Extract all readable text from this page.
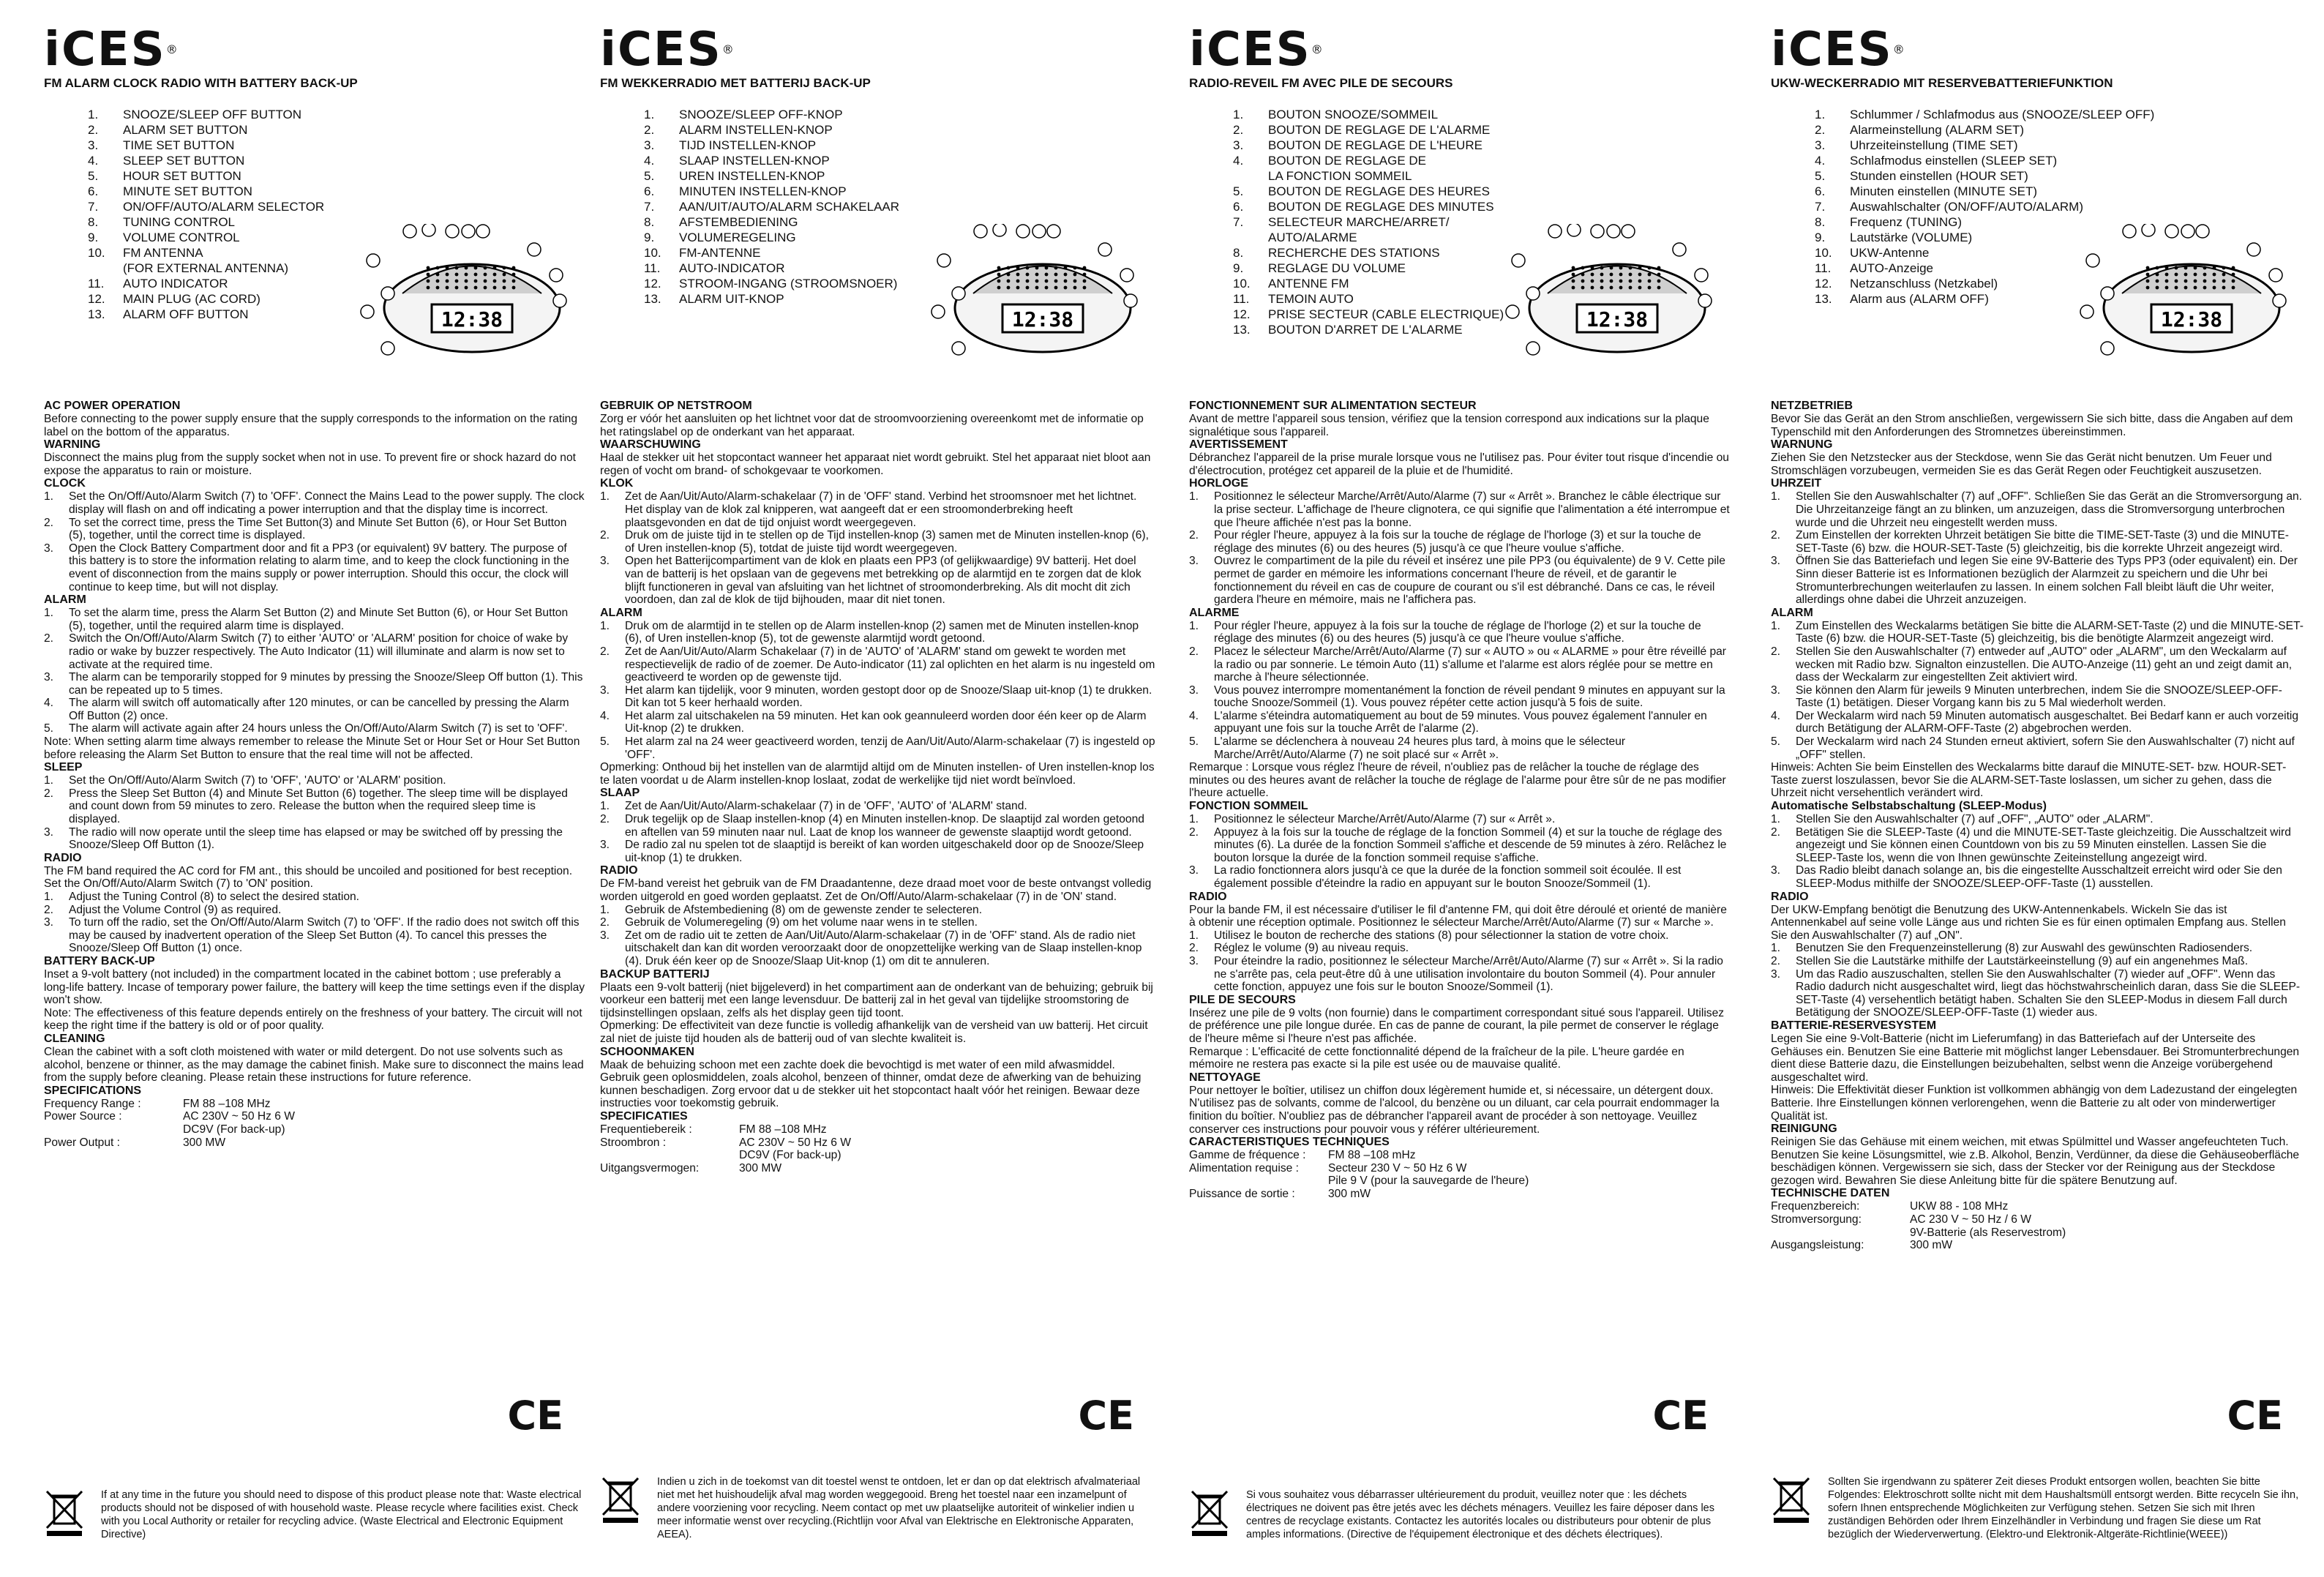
iCES®
FM ALARM CLOCK RADIO WITH BATTERY BACK-UP
1.	SNOOZE/SLEEP OFF BUTTON
2.	ALARM SET BUTTON
3.	TIME SET BUTTON
4.	SLEEP SET BUTTON
5.	HOUR SET BUTTON
6.	MINUTE SET BUTTON
7.	ON/OFF/AUTO/ALARM SELECTOR
8.	TUNING CONTROL
9.	VOLUME CONTROL
10.	FM ANTENNA
(FOR EXTERNAL ANTENNA)
11.	AUTO INDICATOR
12.	MAIN PLUG (AC CORD)
13.	ALARM OFF BUTTON	12:38
AC POWER OPERATION

Before connecting to the power supply ensure that the supply corresponds to the information on the rating label on the bottom of the apparatus.

WARNING

Disconnect the mains plug from the supply socket when not in use. To prevent fire or shock hazard do not expose the apparatus to rain or moisture.

CLOCK
1.	Set the On/Off/Auto/Alarm Switch (7) to 'OFF'. Connect the Mains Lead to the power supply. The clock display will flash on and off indicating a power interruption and that the display time is incorrect.
2.	To set the correct time, press the Time Set Button(3) and Minute Set Button (6), or Hour Set Button (5), together, until the correct time is displayed.
3.	Open the Clock Battery Compartment door and fit a PP3 (or equivalent) 9V battery. The purpose of this battery is to store the information relating to alarm time, and to keep the clock functioning in the event of disconnection from the mains supply or power interruption. Should this occur, the clock will continue to keep time, but will not display.
ALARM
1.	To set the alarm time, press the Alarm Set Button (2) and Minute Set Button (6), or Hour Set Button (5), together, until the required alarm time is displayed.
2.	Switch the On/Off/Auto/Alarm Switch (7) to either 'AUTO' or 'ALARM' position for choice of wake by radio or wake by buzzer respectively. The Auto Indicator (11) will illuminate and alarm is now set to activate at the required time.
3.	The alarm can be temporarily stopped for 9 minutes by pressing the Snooze/Sleep Off button (1). This can be repeated up to 5 times.
4.	The alarm will switch off automatically after 120 minutes, or can be cancelled by pressing the Alarm Off Button (2) once.
5.	The alarm will activate again after 24 hours unless the On/Off/Auto/Alarm Switch (7) is set to 'OFF'.

Note: When setting alarm time always remember to release the Minute Set or Hour Set or Hour Set Button before releasing the Alarm Set Button to ensure that the real time will not be affected.

SLEEP
1.	Set the On/Off/Auto/Alarm Switch (7) to 'OFF', 'AUTO' or 'ALARM' position.
2.	Press the Sleep Set Button (4) and Minute Set Button (6) together. The sleep time will be displayed and count down from 59 minutes to zero. Release the button when the required sleep time is displayed.
3.	The radio will now operate until the sleep time has elapsed or may be switched off by pressing the Snooze/Sleep Off Button (1).
RADIO

The FM band required the AC cord for FM ant., this should be uncoiled and positioned for best reception. Set the On/Off/Auto/Alarm Switch (7) to 'ON' position.

1.	Adjust the Tuning Control (8) to select the desired station.
2.	Adjust the Volume Control (9) as required.
3.	To turn off the radio, set the On/Off/Auto/Alarm Switch (7) to 'OFF'. If the radio does not switch off this may be caused by inadvertent operation of the Sleep Set Button (4). To cancel this presses the Snooze/Sleep Off Button (1) once.
BATTERY BACK-UP

Inset a 9-volt battery (not included) in the compartment located in the cabinet bottom ; use preferably a long-life battery. Incase of temporary power failure, the battery will keep the time settings even if the display won't show.

Note: The effectiveness of this feature depends entirely on the freshness of your battery. The circuit will not keep the right time if the battery is old or of poor quality.

CLEANING

Clean the cabinet with a soft cloth moistened with water or mild detergent. Do not use solvents such as alcohol, benzene or thinner, as the may damage the cabinet finish. Make sure to disconnect the mains lead from the supply before cleaning. Please retain these instructions for future reference.

SPECIFICATIONS
Frequency Range :	FM 88 –108 MHz
Power Source :	AC 230V ~ 50 Hz 6 W
DC9V (For back-up)
Power Output :	300 MW
CE
If at any time in the future you should need to dispose of this product please note that: Waste electrical products should not be disposed of with household waste. Please recycle where facilities exist. Check with you Local Authority or retailer for recycling advice. (Waste Electrical and Electronic Equipment Directive)
iCES®
FM WEKKERRADIO MET BATTERIJ BACK-UP
1.	SNOOZE/SLEEP OFF-KNOP
2.	ALARM INSTELLEN-KNOP
3.	TIJD INSTELLEN-KNOP
4.	SLAAP INSTELLEN-KNOP
5.	UREN INSTELLEN-KNOP
6.	MINUTEN INSTELLEN-KNOP
7.	AAN/UIT/AUTO/ALARM SCHAKELAAR
8.	AFSTEMBEDIENING
9.	VOLUMEREGELING
10.	FM-ANTENNE
11.	AUTO-INDICATOR
12.	STROOM-INGANG (STROOMSNOER)
13.	ALARM UIT-KNOP
12:38
GEBRUIK OP NETSTROOM

Zorg er vóór het aansluiten op het lichtnet voor dat de stroomvoorziening overeenkomt met de informatie op het ratingslabel op de onderkant van het apparaat.

WAARSCHUWING

Haal de stekker uit het stopcontact wanneer het apparaat niet wordt gebruikt. Stel het apparaat niet bloot aan regen of vocht om brand- of schokgevaar te voorkomen.

KLOK
1.	Zet de Aan/Uit/Auto/Alarm-schakelaar (7) in de 'OFF' stand. Verbind het stroomsnoer met het lichtnet. Het display van de klok zal knipperen, wat aangeeft dat er een stroomonderbreking heeft plaatsgevonden en dat de tijd onjuist wordt weergegeven.
2.	Druk om de juiste tijd in te stellen op de Tijd instellen-knop (3) samen met de Minuten instellen-knop (6), of Uren instellen-knop (5), totdat de juiste tijd wordt weergegeven.
3.	Open het Batterijcompartiment van de klok en plaats een PP3 (of gelijkwaardige) 9V batterij. Het doel van de batterij is het opslaan van de gegevens met betrekking op de alarmtijd en te zorgen dat de klok blijft functioneren in geval van afsluiting van het lichtnet of stroomonderbreking. Als dit mocht dit zich voordoen, dan zal de klok de tijd bijhouden, maar dit niet tonen.
ALARM
1.	Druk om de alarmtijd in te stellen op de Alarm instellen-knop (2) samen met de Minuten instellen-knop (6), of Uren instellen-knop (5), tot de gewenste alarmtijd wordt getoond.
2.	Zet de Aan/Uit/Auto/Alarm Schakelaar (7) in de 'AUTO' of 'ALARM' stand om gewekt te worden met respectievelijk de radio of de zoemer. De Auto-indicator (11) zal oplichten en het alarm is nu ingesteld om geactiveerd te worden op de gewenste tijd.
3.	Het alarm kan tijdelijk, voor 9 minuten, worden gestopt door op de Snooze/Slaap uit-knop (1) te drukken. Dit kan tot 5 keer herhaald worden.
4.	Het alarm zal uitschakelen na 59 minuten. Het kan ook geannuleerd worden door één keer op de Alarm Uit-knop (2) te drukken.
5.	Het alarm zal na 24 weer geactiveerd worden, tenzij de Aan/Uit/Auto/Alarm-schakelaar (7) is ingesteld op 'OFF'.

Opmerking: Onthoud bij het instellen van de alarmtijd altijd om de Minuten instellen- of Uren instellen-knop los te laten voordat u de Alarm instellen-knop loslaat, zodat de werkelijke tijd niet wordt beïnvloed.

SLAAP
1.	Zet de Aan/Uit/Auto/Alarm-schakelaar (7) in de 'OFF', 'AUTO' of 'ALARM' stand.
2.	Druk tegelijk op de Slaap instellen-knop (4) en Minuten instellen-knop. De slaaptijd zal worden getoond en aftellen van 59 minuten naar nul. Laat de knop los wanneer de gewenste slaaptijd wordt getoond.
3.	De radio zal nu spelen tot de slaaptijd is bereikt of kan worden uitgeschakeld door op de Snooze/Sleep uit-knop (1) te drukken.
RADIO

De FM-band vereist het gebruik van de FM Draadantenne, deze draad moet voor de beste ontvangst volledig worden uitgerold en goed worden geplaatst. Zet de On/Off/Auto/Alarm-schakelaar (7) in de 'ON' stand.

1.	Gebruik de Afstembediening (8) om de gewenste zender te selecteren.
2.	Gebruik de Volumeregeling (9) om het volume naar wens in te stellen.
3.	Zet om de radio uit te zetten de Aan/Uit/Auto/Alarm-schakelaar (7) in de 'OFF' stand. Als de radio niet uitschakelt dan kan dit worden veroorzaakt door de onopzettelijke werking van de Slaap instellen-knop (4). Druk één keer op de Snooze/Slaap Uit-knop (1) om dit te annuleren.
BACKUP BATTERIJ

Plaats een 9-volt batterij (niet bijgeleverd) in het compartiment aan de onderkant van de behuizing; gebruik bij voorkeur een batterij met een lange levensduur. De batterij zal in het geval van tijdelijke stroomstoring de tijdsinstellingen opslaan, zelfs als het display geen tijd toont.

Opmerking: De effectiviteit van deze functie is volledig afhankelijk van de versheid van uw batterij. Het circuit zal niet de juiste tijd houden als de batterij oud of van slechte kwaliteit is.

SCHOONMAKEN

Maak de behuizing schoon met een zachte doek die bevochtigd is met water of een mild afwasmiddel. Gebruik geen oplosmiddelen, zoals alcohol, benzeen of thinner, omdat deze de afwerking van de behuizing kunnen beschadigen. Zorg ervoor dat u de stekker uit het stopcontact haalt vóór het reinigen. Bewaar deze instructies voor toekomstig gebruik.

SPECIFICATIES
Frequentiebereik :	FM 88 –108 MHz
Stroombron :	AC 230V ~ 50 Hz 6 W
DC9V (For back-up)
Uitgangsvermogen:	300 MW
CE
Indien u zich in de toekomst van dit toestel wenst te ontdoen, let er dan op dat elektrisch afvalmateriaal niet met het huishoudelijk afval mag worden weggegooid. Breng het toestel naar een inzamelpunt of andere voorziening voor recycling. Neem contact op met uw plaatselijke autoriteit of winkelier indien u meer informatie wenst over recycling.(Richtlijn voor Afval van Elektrische en Elektronische Apparaten, AEEA).
iCES®
RADIO-REVEIL FM AVEC PILE DE SECOURS
1.	BOUTON SNOOZE/SOMMEIL
2.	BOUTON DE REGLAGE DE L'ALARME
3.	BOUTON DE REGLAGE DE L'HEURE
4.	BOUTON DE REGLAGE DE
LA FONCTION SOMMEIL
5.	BOUTON DE REGLAGE DES HEURES
6.	BOUTON DE REGLAGE DES MINUTES
7.	SELECTEUR MARCHE/ARRET/
AUTO/ALARME
8.	RECHERCHE DES STATIONS
9.	REGLAGE DU VOLUME
10.	ANTENNE FM
11.	TEMOIN AUTO
12.	PRISE SECTEUR (CABLE ELECTRIQUE)
13.	BOUTON D'ARRET DE L'ALARME	12:38
FONCTIONNEMENT SUR ALIMENTATION SECTEUR

Avant de mettre l'appareil sous tension, vérifiez que la tension correspond aux indications sur la plaque signalétique sous l'appareil.

AVERTISSEMENT

Débranchez l'appareil de la prise murale lorsque vous ne l'utilisez pas. Pour éviter tout risque d'incendie ou d'électrocution, protégez cet appareil de la pluie et de l'humidité.

HORLOGE
1.	Positionnez le sélecteur Marche/Arrêt/Auto/Alarme (7) sur « Arrêt ». Branchez le câble électrique sur la prise secteur. L'affichage de l'heure clignotera, ce qui signifie que l'alimentation a été interrompue et que l'heure affichée n'est pas la bonne.
2.	Pour régler l'heure, appuyez à la fois sur la touche de réglage de l'horloge (3) et sur la touche de réglage des minutes (6) ou des heures (5) jusqu'à ce que l'heure voulue s'affiche.
3.	Ouvrez le compartiment de la pile du réveil et insérez une pile PP3 (ou équivalente) de 9 V. Cette pile permet de garder en mémoire les informations concernant l'heure de réveil, et de garantir le fonctionnement du réveil en cas de coupure de courant ou s'il est débranché. Dans ce cas, le réveil gardera l'heure en mémoire, mais ne l'affichera pas.
ALARME
1.	Pour régler l'heure, appuyez à la fois sur la touche de réglage de l'horloge (2) et sur la touche de réglage des minutes (6) ou des heures (5) jusqu'à ce que l'heure voulue s'affiche.
2.	Placez le sélecteur Marche/Arrêt/Auto/Alarme (7) sur « AUTO » ou « ALARME » pour être réveillé par la radio ou par sonnerie. Le témoin Auto (11) s'allume et l'alarme est alors réglée pour se mettre en marche à l'heure sélectionnée.
3.	Vous pouvez interrompre momentanément la fonction de réveil pendant 9 minutes en appuyant sur la touche Snooze/Sommeil (1). Vous pouvez répéter cette action jusqu'à 5 fois de suite.
4.	L'alarme s'éteindra automatiquement au bout de 59 minutes. Vous pouvez également l'annuler en appuyant une fois sur la touche Arrêt de l'alarme (2).
5.	L'alarme se déclenchera à nouveau 24 heures plus tard, à moins que le sélecteur Marche/Arrêt/Auto/Alarme (7) ne soit placé sur « Arrêt ».

Remarque : Lorsque vous réglez l'heure de réveil, n'oubliez pas de relâcher la touche de réglage des minutes ou des heures avant de relâcher la touche de réglage de l'alarme pour être sûr de ne pas modifier l'heure actuelle.

FONCTION SOMMEIL
1.	Positionnez le sélecteur Marche/Arrêt/Auto/Alarme (7) sur « Arrêt ».
2.	Appuyez à la fois sur la touche de réglage de la fonction Sommeil (4) et sur la touche de réglage des minutes (6). La durée de la fonction Sommeil s'affiche et descende de 59 minutes à zéro. Relâchez le bouton lorsque la durée de la fonction sommeil requise s'affiche.
3.	La radio fonctionnera alors jusqu'à ce que la durée de la fonction sommeil soit écoulée. Il est également possible d'éteindre la radio en appuyant sur le bouton Snooze/Sommeil (1).
RADIO

Pour la bande FM, il est nécessaire d'utiliser le fil d'antenne FM, qui doit être déroulé et orienté de manière à obtenir une réception optimale. Positionnez le sélecteur Marche/Arrêt/Auto/Alarme (7) sur « Marche ».

1.	Utilisez le bouton de recherche des stations (8) pour sélectionner la station de votre choix.
2.	Réglez le volume (9) au niveau requis.
3.	Pour éteindre la radio, positionnez le sélecteur Marche/Arrêt/Auto/Alarme (7) sur « Arrêt ». Si la radio ne s'arrête pas, cela peut-être dû à une utilisation involontaire du bouton Sommeil (4). Pour annuler cette fonction, appuyez une fois sur le bouton Snooze/Sommeil (1).
PILE DE SECOURS

Insérez une pile de 9 volts (non fournie) dans le compartiment correspondant situé sous l'appareil. Utilisez de préférence une pile longue durée. En cas de panne de courant, la pile permet de conserver le réglage de l'heure même si l'heure n'est pas affichée.

Remarque : L'efficacité de cette fonctionnalité dépend de la fraîcheur de la pile. L'heure gardée en mémoire ne restera pas exacte si la pile est usée ou de mauvaise qualité.

NETTOYAGE

Pour nettoyer le boîtier, utilisez un chiffon doux légèrement humide et, si nécessaire, un détergent doux. N'utilisez pas de solvants, comme de l'alcool, du benzène ou un diluant, car cela pourrait endommager la finition du boîtier. N'oubliez pas de débrancher l'appareil avant de procéder à son nettoyage. Veuillez conserver ces instructions pour pouvoir vous y référer ultérieurement.

CARACTERISTIQUES TECHNIQUES
Gamme de fréquence :	FM 88 –108 mHz
Alimentation requise :	Secteur 230 V ~ 50 Hz 6 W
Pile 9 V (pour la sauvegarde de l'heure)
Puissance de sortie :	300 mW
CE
Si vous souhaitez vous débarrasser ultérieurement du produit, veuillez noter que : les déchets électriques ne doivent pas être jetés avec les déchets ménagers. Veuillez les faire déposer dans les centres de recyclage existants. Contactez les autorités locales ou distributeurs pour obtenir de plus amples informations. (Directive de l'équipement électronique et des déchets électriques).
iCES®
UKW-WECKERRADIO MIT RESERVEBATTERIEFUNKTION
1.	Schlummer / Schlafmodus aus (SNOOZE/SLEEP OFF)
2.	Alarmeinstellung (ALARM SET)
3.	Uhrzeiteinstellung (TIME SET)
4.	Schlafmodus einstellen (SLEEP SET)
5.	Stunden einstellen (HOUR SET)
6.	Minuten einstellen (MINUTE SET)
7.	Auswahlschalter (ON/OFF/AUTO/ALARM)
8.	Frequenz (TUNING)
9.	Lautstärke (VOLUME)
10.	UKW-Antenne
11.	AUTO-Anzeige
12.	Netzanschluss (Netzkabel)
13.	Alarm aus (ALARM OFF)
12:38
NETZBETRIEB

Bevor Sie das Gerät an den Strom anschließen, vergewissern Sie sich bitte, dass die Angaben auf dem Typenschild mit den Anforderungen des Stromnetzes übereinstimmen.

WARNUNG

Ziehen Sie den Netzstecker aus der Steckdose, wenn Sie das Gerät nicht benutzen. Um Feuer und Stromschlägen vorzubeugen, vermeiden Sie es das Gerät Regen oder Feuchtigkeit auszusetzen.

UHRZEIT
1.	Stellen Sie den Auswahlschalter (7) auf „OFF". Schließen Sie das Gerät an die Stromversorgung an. Die Uhrzeitanzeige fängt an zu blinken, um anzuzeigen, dass die Stromversorgung unterbrochen wurde und die Uhrzeit neu eingestellt werden muss.
2.	Zum Einstellen der korrekten Uhrzeit betätigen Sie bitte die TIME-SET-Taste (3) und die MINUTE-SET-Taste (6) bzw. die HOUR-SET-Taste (5) gleichzeitig, bis die korrekte Uhrzeit angezeigt wird.
3.	Öffnen Sie das Batteriefach und legen Sie eine 9V-Batterie des Typs PP3 (oder equivalent) ein. Der Sinn dieser Batterie ist es Informationen bezüglich der Alarmzeit zu speichern und die Uhr bei Stromunterbrechungen weiterlaufen zu lassen. In einem solchen Fall bleibt läuft die Uhr weiter, allerdings ohne dabei die Uhrzeit anzuzeigen.
ALARM
1.	Zum Einstellen des Weckalarms betätigen Sie bitte die ALARM-SET-Taste (2) und die MINUTE-SET-Taste (6) bzw. die HOUR-SET-Taste (5) gleichzeitig, bis die benötigte Alarmzeit angezeigt wird.
2.	Stellen Sie den Auswahlschalter (7) entweder auf „AUTO" oder „ALARM", um den Weckalarm auf wecken mit Radio bzw. Signalton einzustellen. Die AUTO-Anzeige (11) geht an und zeigt damit an, dass der Weckalarm zur eingestellten Zeit aktiviert wird.
3.	Sie können den Alarm für jeweils 9 Minuten unterbrechen, indem Sie die SNOOZE/SLEEP-OFF-Taste (1) betätigen. Dieser Vorgang kann bis zu 5 Mal wiederholt werden.
4.	Der Weckalarm wird nach 59 Minuten automatisch ausgeschaltet. Bei Bedarf kann er auch vorzeitig durch Betätigung der ALARM-OFF-Taste (2) abgebrochen werden.
5.	Der Weckalarm wird nach 24 Stunden erneut aktiviert, sofern Sie den Auswahlschalter (7) nicht auf „OFF" stellen.

Hinweis: Achten Sie beim Einstellen des Weckalarms bitte darauf die MINUTE-SET- bzw. HOUR-SET-Taste zuerst loszulassen, bevor Sie die ALARM-SET-Taste loslassen, um sicher zu gehen, dass die Uhrzeit nicht versehentlich verändert wird.

Automatische Selbstabschaltung (SLEEP-Modus)
1.	Stellen Sie den Auswahlschalter (7) auf „OFF", „AUTO" oder „ALARM".
2.	Betätigen Sie die SLEEP-Taste (4) und die MINUTE-SET-Taste gleichzeitig. Die Ausschaltzeit wird angezeigt und Sie können einen Countdown von bis zu 59 Minuten einstellen. Lassen Sie die SLEEP-Taste los, wenn die von Ihnen gewünschte Zeiteinstellung angezeigt wird.
3.	Das Radio bleibt danach solange an, bis die eingestellte Ausschaltzeit erreicht wird oder Sie den SLEEP-Modus mithilfe der SNOOZE/SLEEP-OFF-Taste (1) ausstellen.
RADIO

Der UKW-Empfang benötigt die Benutzung des UKW-Antennenkabels. Wickeln Sie das ist Antennenkabel auf seine volle Länge aus und richten Sie es für einen optimalen Empfang aus. Stellen Sie den Auswahlschalter (7) auf „ON".

1.	Benutzen Sie den Frequenzeinstellerung (8) zur Auswahl des gewünschten Radiosenders.
2.	Stellen Sie die Lautstärke mithilfe der Lautstärkeeinstellung (9) auf ein angenehmes Maß.
3.	Um das Radio auszuschalten, stellen Sie den Auswahlschalter (7) wieder auf „OFF". Wenn das Radio dadurch nicht ausgeschaltet wird, liegt das höchstwahrscheinlich daran, dass Sie die SLEEP-SET-Taste (4) versehentlich betätigt haben. Schalten Sie den SLEEP-Modus in diesem Fall durch Betätigung der SNOOZE/SLEEP-OFF-Taste (1) wieder aus.
BATTERIE-RESERVESYSTEM

Legen Sie eine 9-Volt-Batterie (nicht im Lieferumfang) in das Batteriefach auf der Unterseite des Gehäuses ein. Benutzen Sie eine Batterie mit möglichst langer Lebensdauer. Bei Stromunterbrechungen dient diese Batterie dazu, die Einstellungen beizubehalten, selbst wenn die Anzeige vorübergehend ausgeschaltet wird.

Hinweis: Die Effektivität dieser Funktion ist vollkommen abhängig von dem Ladezustand der eingelegten Batterie. Ihre Einstellungen können verlorengehen, wenn die Batterie zu alt oder von minderwertiger Qualität ist.

REINIGUNG

Reinigen Sie das Gehäuse mit einem weichen, mit etwas Spülmittel und Wasser angefeuchteten Tuch. Benutzen Sie keine Lösungsmittel, wie z.B. Alkohol, Benzin, Verdünner, da diese die Gehäuseoberfläche beschädigen können. Vergewissern sie sich, dass der Stecker vor der Reinigung aus der Steckdose gezogen wird. Bewahren Sie diese Anleitung bitte für die spätere Benutzung auf.

TECHNISCHE DATEN
Frequenzbereich:	UKW 88 - 108 MHz
Stromversorgung:	AC 230 V ~ 50 Hz / 6 W
9V-Batterie (als Reservestrom)
Ausgangsleistung:	300 mW
CE
Sollten Sie irgendwann zu späterer Zeit dieses Produkt entsorgen wollen, beachten Sie bitte Folgendes: Elektroschrott sollte nicht mit dem Haushaltsmüll entsorgt werden. Bitte recyceln Sie ihn, sofern Ihnen entsprechende Möglichkeiten zur Verfügung stehen. Setzen Sie sich mit Ihren zuständigen Behörden oder Ihrem Einzelhändler in Verbindung und fragen Sie diese um Rat bezüglich der Wiederverwertung. (Elektro-und Elektronik-Altgeräte-Richtlinie(WEEE))
